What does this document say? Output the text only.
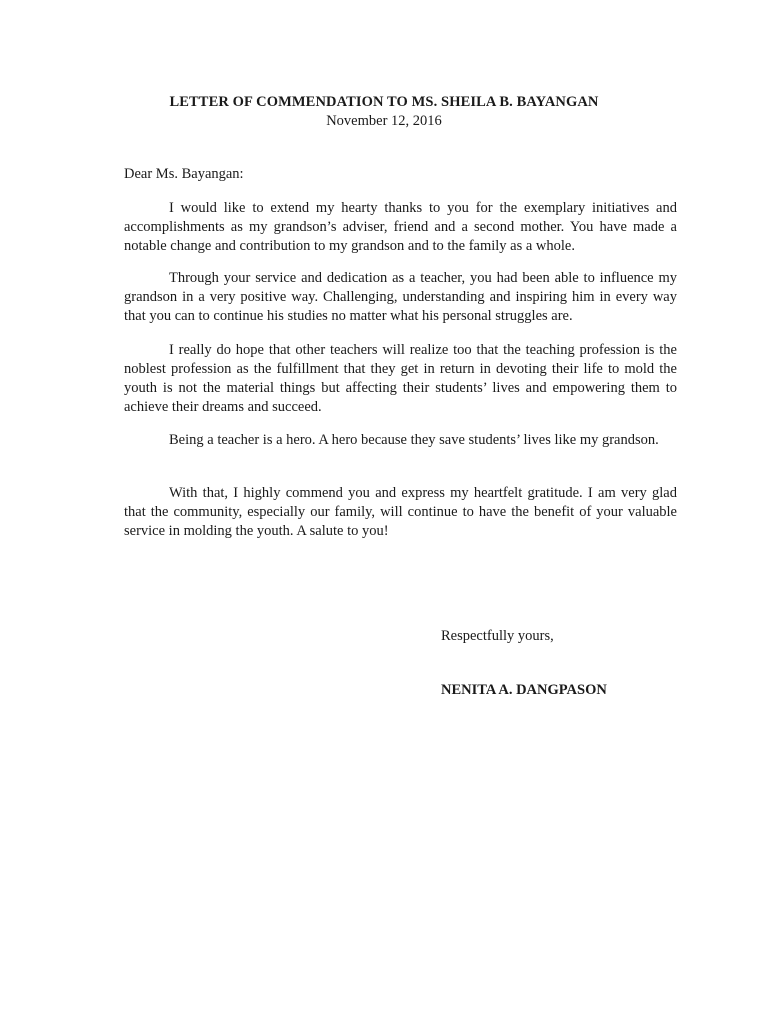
LETTER OF COMMENDATION TO MS. SHEILA B. BAYANGAN
November 12, 2016
Dear Ms. Bayangan:

I would like to extend my hearty thanks to you for the exemplary initiatives and accomplishments as my grandson’s adviser, friend and a second mother. You have made a notable change and contribution to my grandson and to the family as a whole.

Through your service and dedication as a teacher, you had been able to influence my grandson in a very positive way. Challenging, understanding and inspiring him in every way that you can to continue his studies no matter what his personal struggles are.

I really do hope that other teachers will realize too that the teaching profession is the noblest profession as the fulfillment that they get in return in devoting their life to mold the youth is not the material things but affecting their students’ lives and empowering them to achieve their dreams and succeed.

Being a teacher is a hero. A hero because they save students’ lives like my grandson.

With that, I highly commend you and express my heartfelt gratitude. I am very glad that the community, especially our family, will continue to have the benefit of your valuable service in molding the youth. A salute to you!

Respectfully yours,
NENITA A. DANGPASON
